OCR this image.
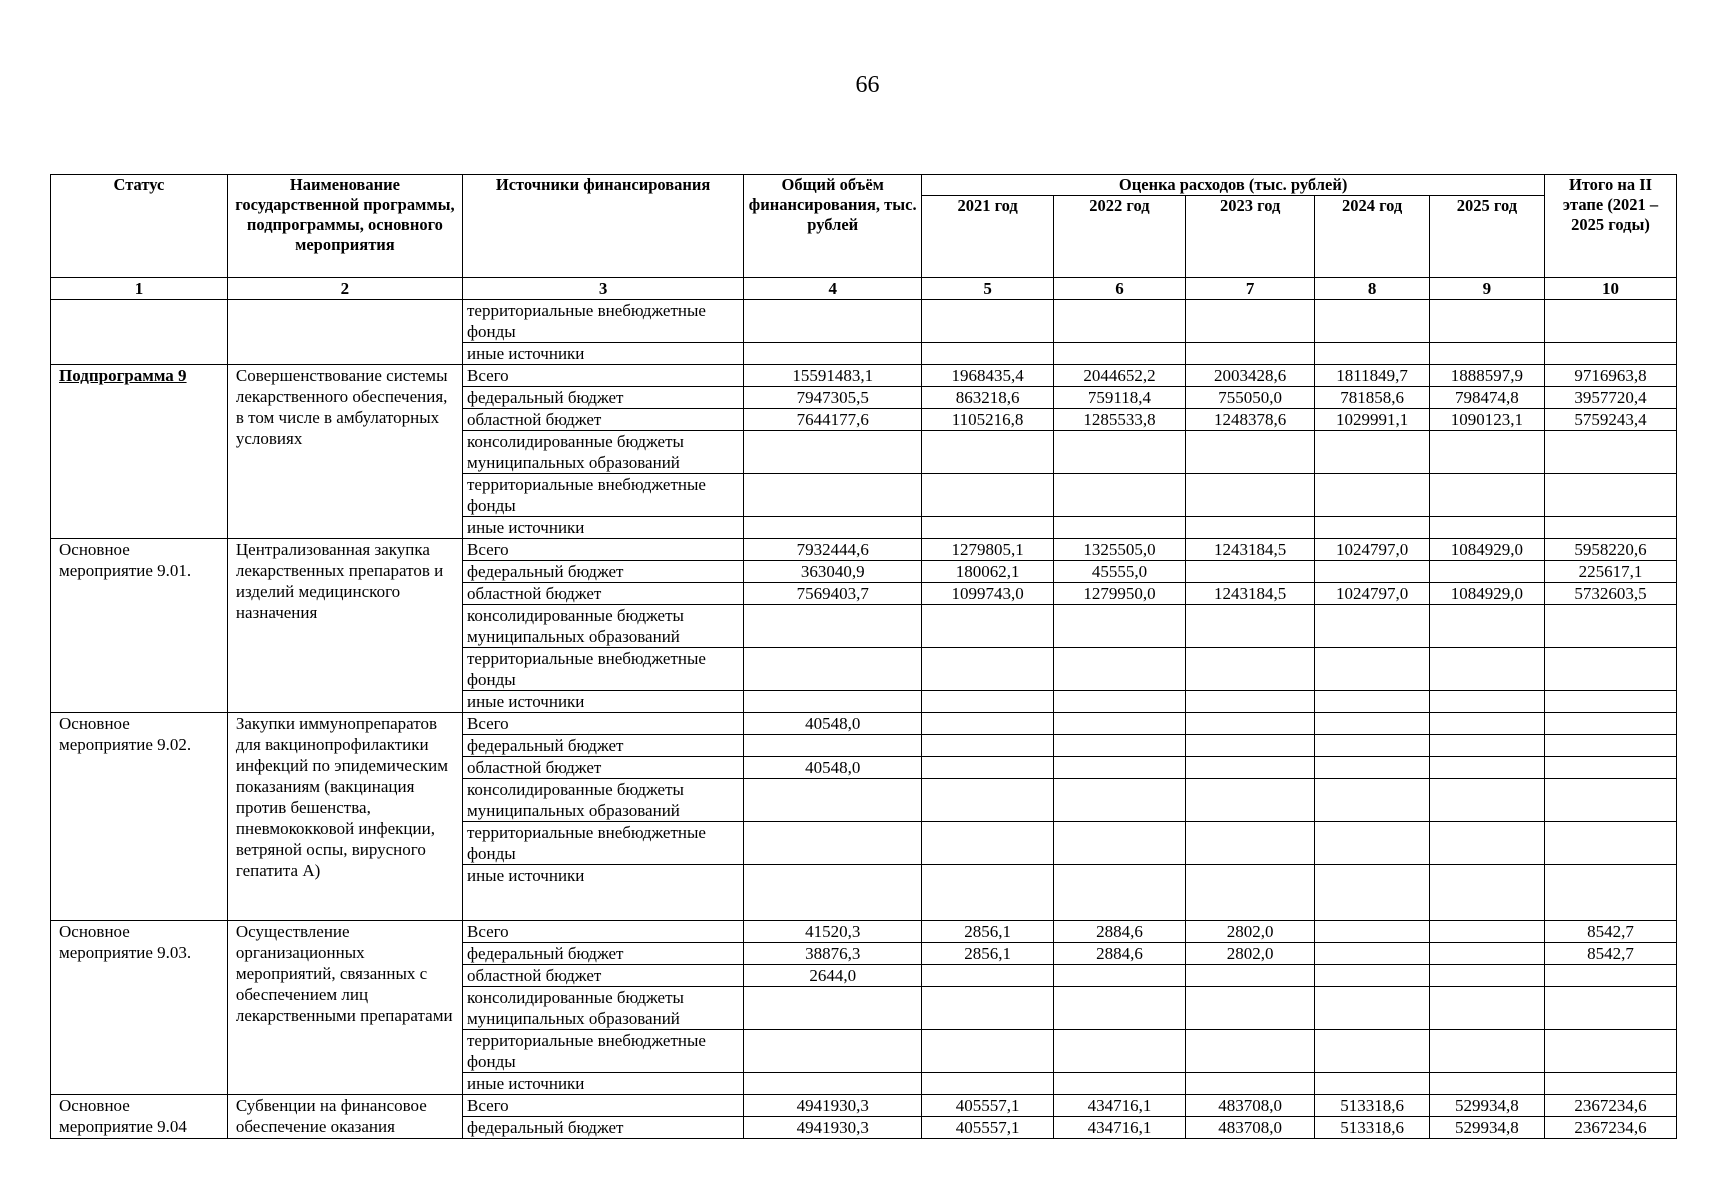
66
Статус	Наименование государственной программы, подпрограммы, основного мероприятия	Источники финансирования	Общий объём финансирования, тыс. рублей	Оценка расходов (тыс. рублей)					Итого на II этапе (2021 – 2025 годы)
				2021 год	2022 год	2023 год	2024 год	2025 год	
1	2	3	4	5	6	7	8	9	10
		территориальные внебюджетные фонды							
		иные источники							
Подпрограмма 9	Совершенствование системы лекарственного обеспечения, в том числе в амбулаторных условиях	Всего	15591483,1	1968435,4	2044652,2	2003428,6	1811849,7	1888597,9	9716963,8
		федеральный бюджет	7947305,5	863218,6	759118,4	755050,0	781858,6	798474,8	3957720,4
		областной бюджет	7644177,6	1105216,8	1285533,8	1248378,6	1029991,1	1090123,1	5759243,4
		консолидированные бюджеты муниципальных образований							
		территориальные внебюджетные фонды							
		иные источники							
Основное мероприятие 9.01.	Централизованная закупка лекарственных препаратов и изделий медицинского назначения	Всего	7932444,6	1279805,1	1325505,0	1243184,5	1024797,0	1084929,0	5958220,6
		федеральный бюджет	363040,9	180062,1	45555,0				225617,1
		областной бюджет	7569403,7	1099743,0	1279950,0	1243184,5	1024797,0	1084929,0	5732603,5
		консолидированные бюджеты муниципальных образований							
		территориальные внебюджетные фонды							
		иные источники							
Основное мероприятие 9.02.	Закупки иммунопрепаратов для вакцинопрофилактики инфекций по эпидемическим показаниям (вакцинация против бешенства, пневмококковой инфекции, ветряной оспы, вирусного гепатита А)	Всего	40548,0						
		федеральный бюджет							
		областной бюджет	40548,0						
		консолидированные бюджеты муниципальных образований							
		территориальные внебюджетные фонды							
		иные источники							
Основное мероприятие 9.03.	Осуществление организационных мероприятий, связанных с обеспечением лиц лекарственными препаратами	Всего	41520,3	2856,1	2884,6	2802,0			8542,7
		федеральный бюджет	38876,3	2856,1	2884,6	2802,0			8542,7
		областной бюджет	2644,0						
		консолидированные бюджеты муниципальных образований							
		территориальные внебюджетные фонды							
		иные источники							
Основное мероприятие 9.04	Субвенции на финансовое обеспечение оказания	Всего	4941930,3	405557,1	434716,1	483708,0	513318,6	529934,8	2367234,6
		федеральный бюджет	4941930,3	405557,1	434716,1	483708,0	513318,6	529934,8	2367234,6
